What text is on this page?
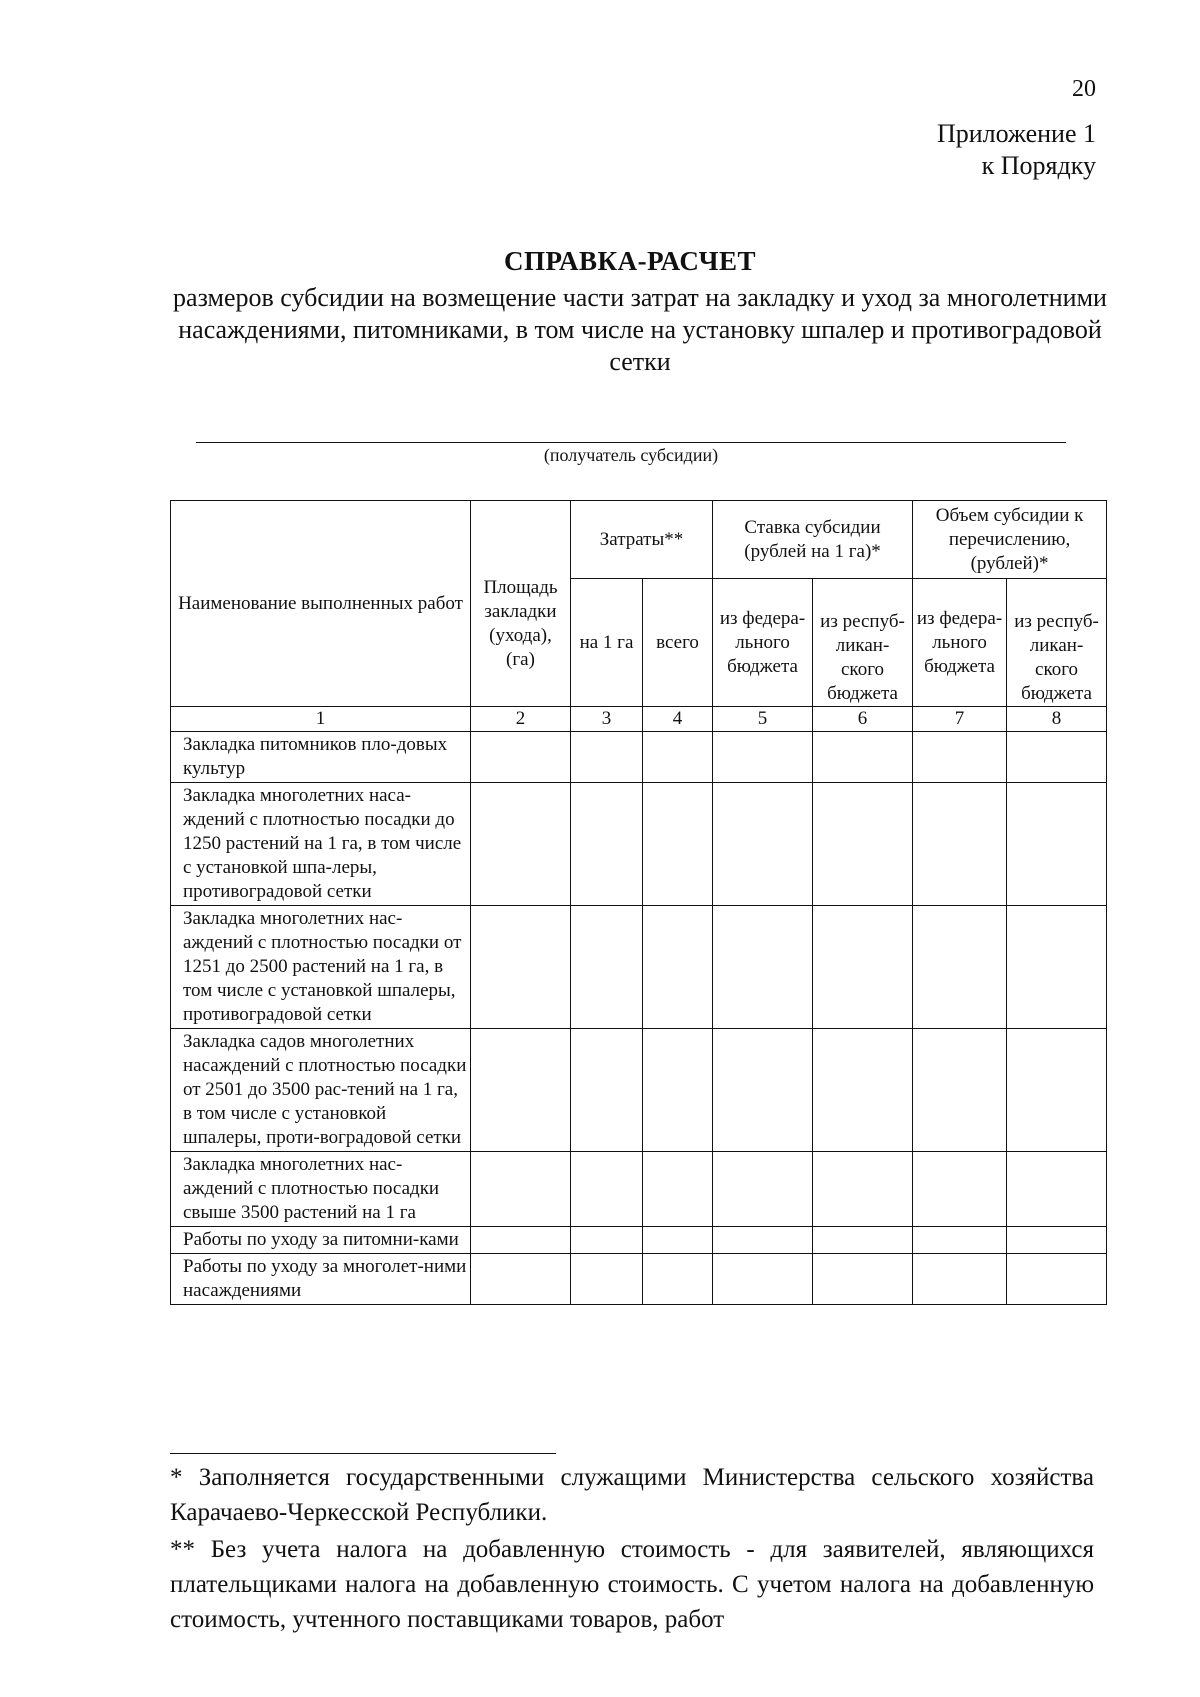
20
Приложение 1
к Порядку
СПРАВКА-РАСЧЕТ
размеров субсидии на возмещение части затрат на закладку и уход за многолетними насаждениями, питомниками, в том числе на установку шпалер и противоградовой сетки
(получатель субсидии)
Наименование выполненных работ	Площадь закладки (ухода), (га)	Затраты**		Ставка субсидии (рублей на 1 га)*		Объем субсидии к перечислению, (рублей)*	
		на 1 га	всего	из федера-льного бюджета	из респуб-ликан-ского бюджета	из федера-льного бюджета	из респуб-ликан-ского бюджета
1	2	3	4	5	6	7	8
Закладка питомников пло-довых культур							
Закладка многолетних наса-ждений с плотностью посадки до 1250 растений на 1 га, в том числе с установкой шпа-леры, противоградовой сетки							
Закладка многолетних нас-аждений с плотностью посадки от 1251 до 2500 растений на 1 га, в том числе с установкой шпалеры, противоградовой сетки							
Закладка садов многолетних насаждений с плотностью посадки от 2501 до 3500 рас-тений на 1 га, в том числе с установкой шпалеры, проти-воградовой сетки							
Закладка многолетних нас-аждений с плотностью посадки свыше 3500 растений на 1 га							
Работы по уходу за питомни-ками							
Работы по уходу за многолет-ними насаждениями							

* Заполняется государственными служащими Министерства сельского хозяйства Карачаево-Черкесской Республики.

** Без учета налога на добавленную стоимость - для заявителей, являющихся плательщиками налога на добавленную стоимость. С учетом налога на добавленную стоимость, учтенного поставщиками товаров, работ
